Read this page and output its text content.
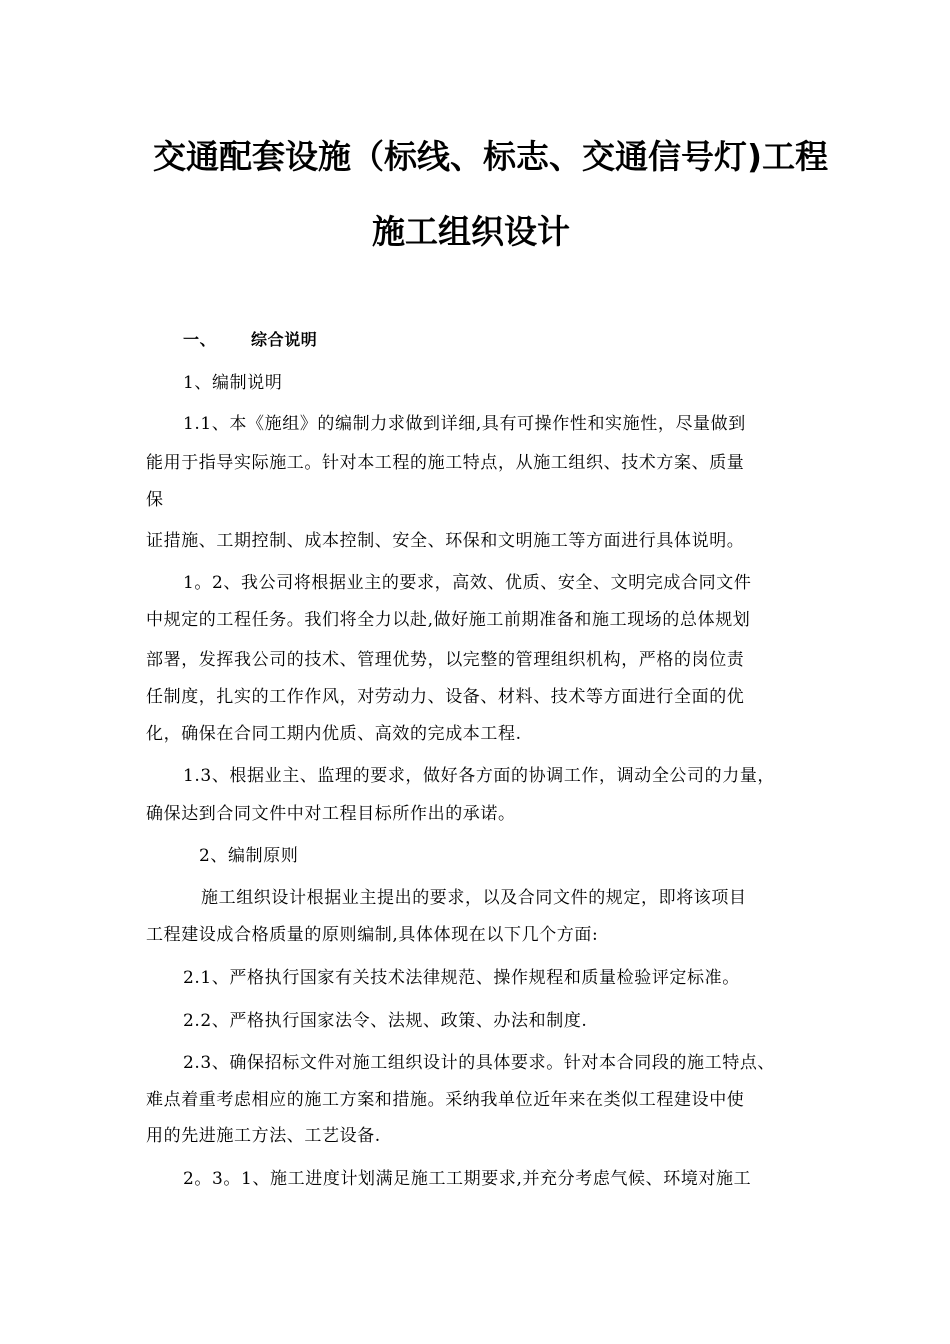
交通配套设施（标线、标志、交通信号灯)工程
施工组织设计
一、 综合说明
1、编制说明
1.1、本《施组》的编制力求做到详细,具有可操作性和实施性，尽量做到
能用于指导实际施工。针对本工程的施工特点，从施工组织、技术方案、质量
保
证措施、工期控制、成本控制、安全、环保和文明施工等方面进行具体说明。
1。2、我公司将根据业主的要求，高效、优质、安全、文明完成合同文件
中规定的工程任务。我们将全力以赴,做好施工前期准备和施工现场的总体规划
部署，发挥我公司的技术、管理优势，以完整的管理组织机构，严格的岗位责
任制度，扎实的工作作风，对劳动力、设备、材料、技术等方面进行全面的优
化，确保在合同工期内优质、高效的完成本工程.
1.3、根据业主、监理的要求，做好各方面的协调工作，调动全公司的力量，
确保达到合同文件中对工程目标所作出的承诺。
2、编制原则
施工组织设计根据业主提出的要求，以及合同文件的规定，即将该项目
工程建设成合格质量的原则编制,具体体现在以下几个方面:
2.1、严格执行国家有关技术法律规范、操作规程和质量检验评定标准。
2.2、严格执行国家法令、法规、政策、办法和制度.
2.3、确保招标文件对施工组织设计的具体要求。针对本合同段的施工特点、
难点着重考虑相应的施工方案和措施。采纳我单位近年来在类似工程建设中使
用的先进施工方法、工艺设备.
2。3。1、施工进度计划满足施工工期要求,并充分考虑气候、环境对施工
